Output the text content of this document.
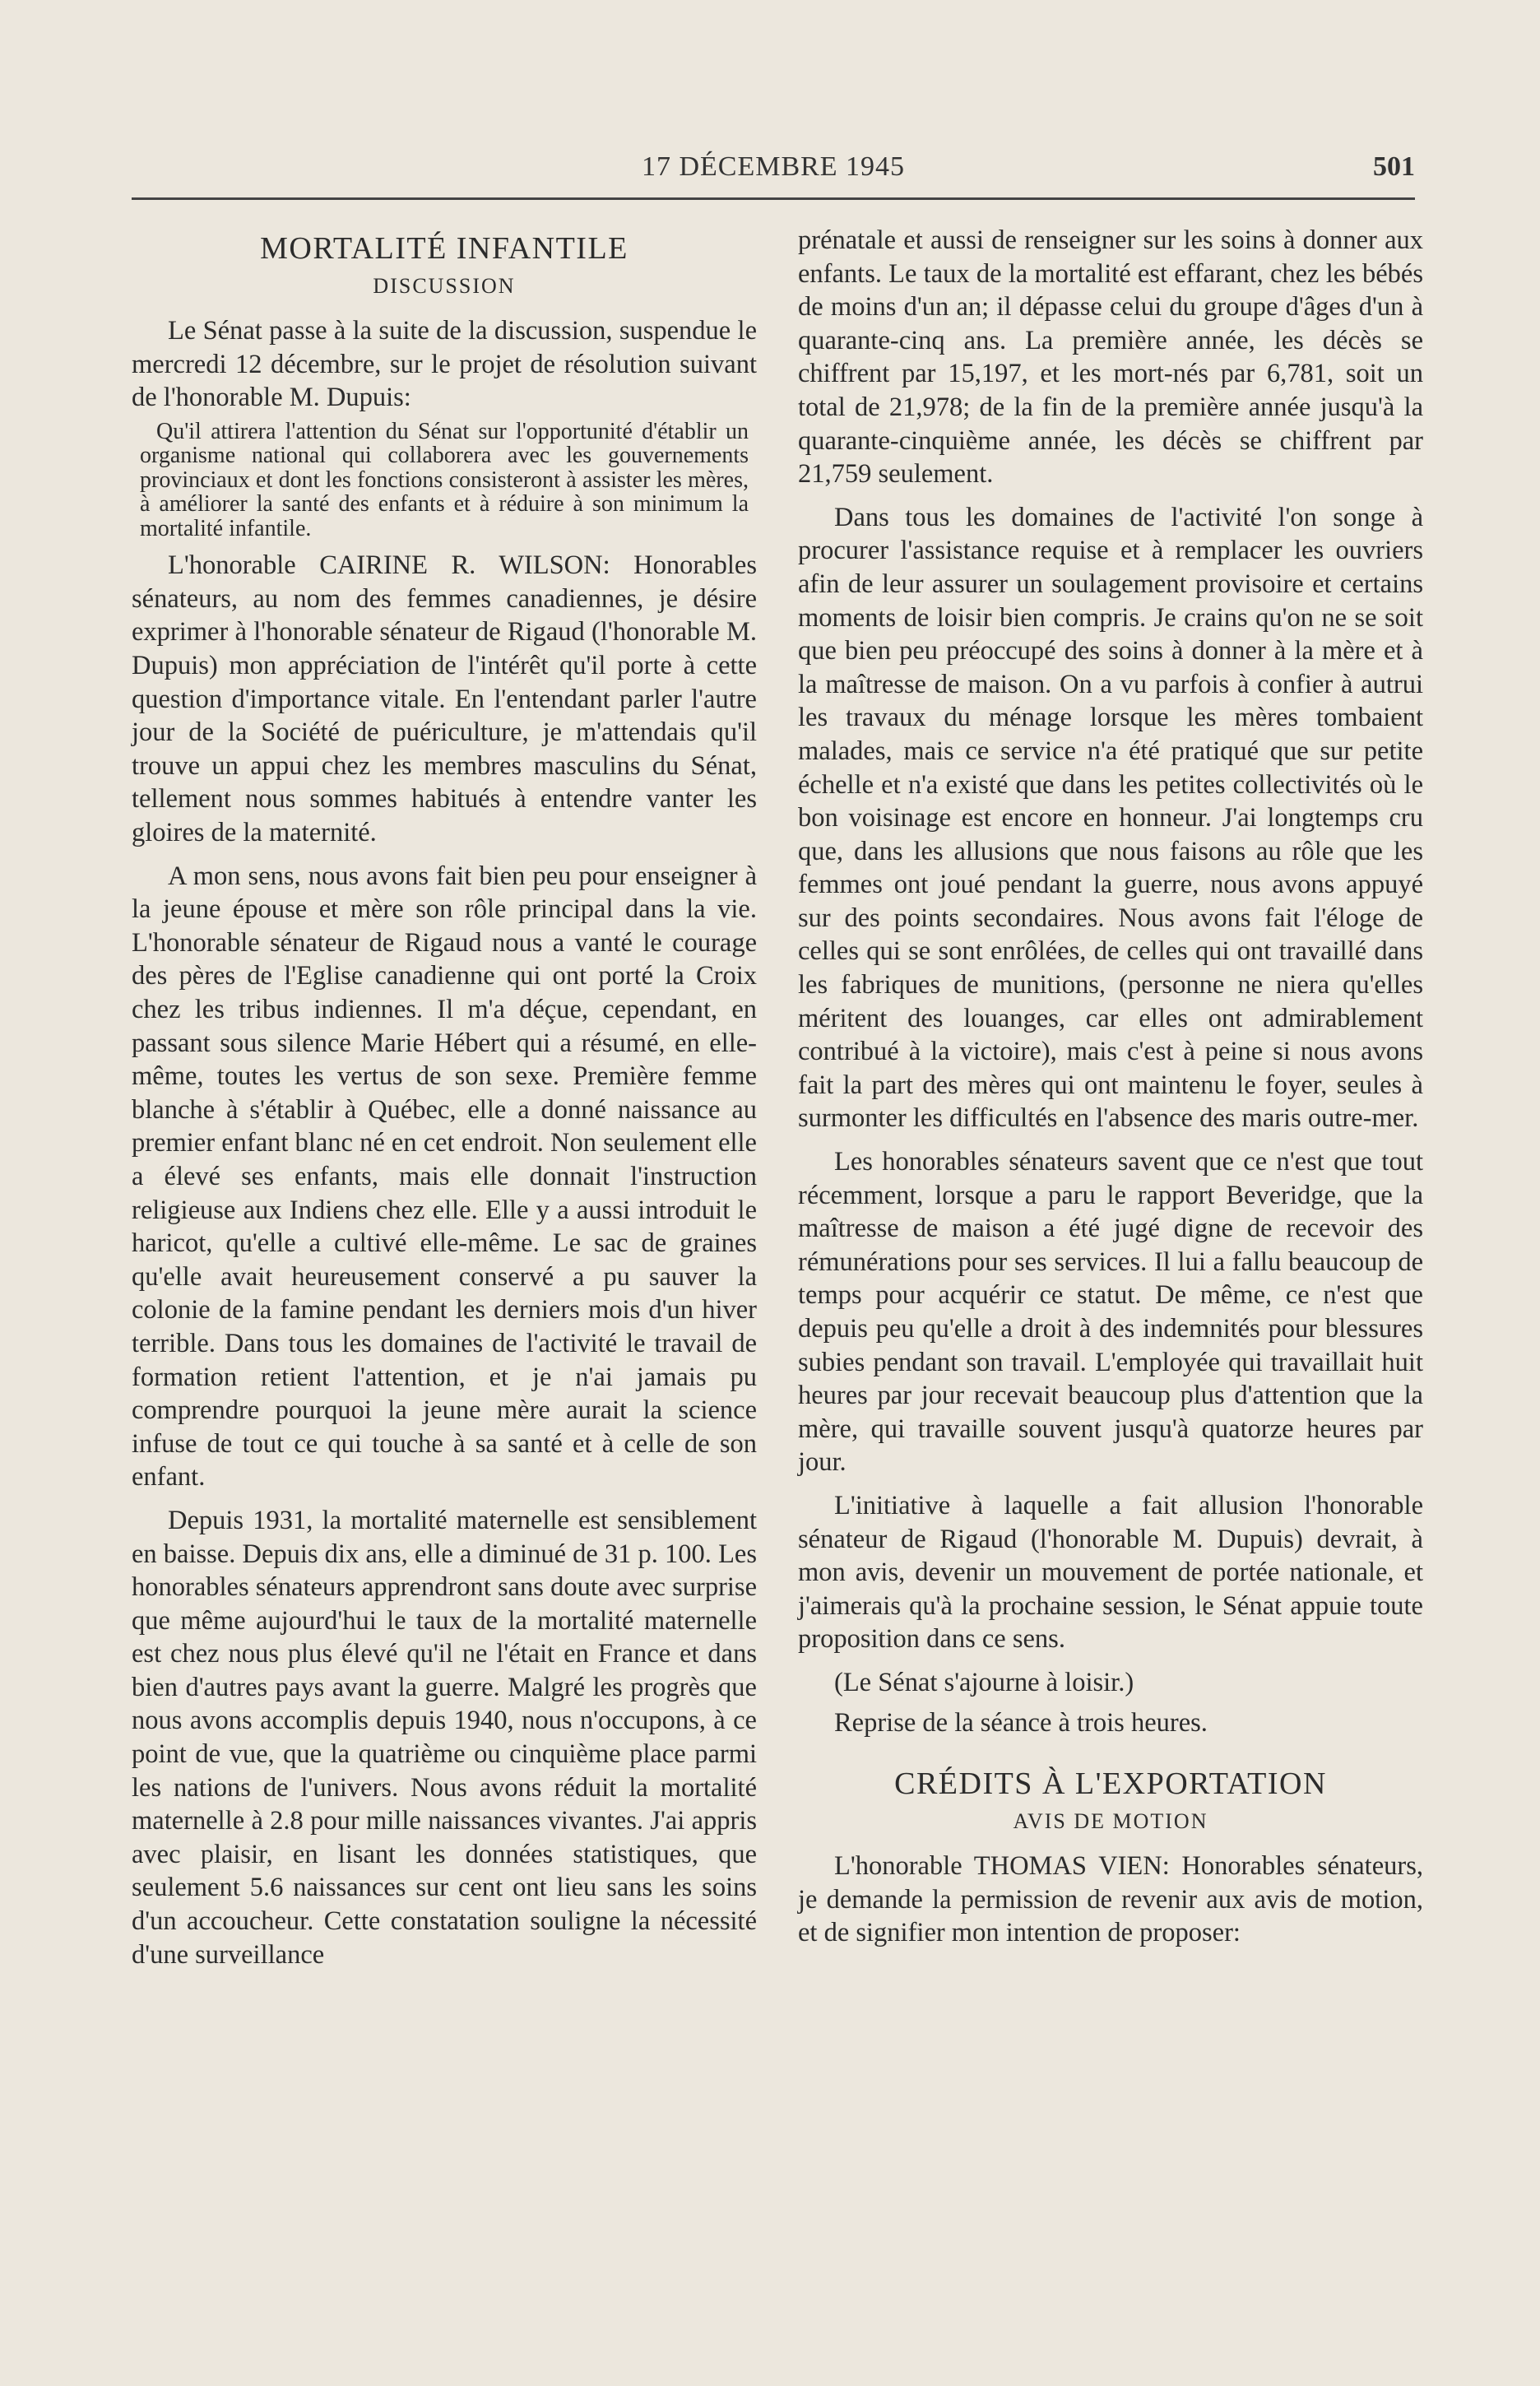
17 DÉCEMBRE 1945	501
MORTALITÉ INFANTILE
DISCUSSION

Le Sénat passe à la suite de la discussion, suspendue le mercredi 12 décembre, sur le projet de résolution suivant de l'honorable M. Dupuis:

Qu'il attirera l'attention du Sénat sur l'opportunité d'établir un organisme national qui collaborera avec les gouvernements provinciaux et dont les fonctions consisteront à assister les mères, à améliorer la santé des enfants et à réduire à son minimum la mortalité infantile.

L'honorable CAIRINE R. WILSON: Honorables sénateurs, au nom des femmes canadiennes, je désire exprimer à l'honorable sénateur de Rigaud (l'honorable M. Dupuis) mon appréciation de l'intérêt qu'il porte à cette question d'importance vitale. En l'entendant parler l'autre jour de la Société de puériculture, je m'attendais qu'il trouve un appui chez les membres masculins du Sénat, tellement nous sommes habitués à entendre vanter les gloires de la maternité.

A mon sens, nous avons fait bien peu pour enseigner à la jeune épouse et mère son rôle principal dans la vie. L'honorable sénateur de Rigaud nous a vanté le courage des pères de l'Eglise canadienne qui ont porté la Croix chez les tribus indiennes. Il m'a déçue, cependant, en passant sous silence Marie Hébert qui a résumé, en elle-même, toutes les vertus de son sexe. Première femme blanche à s'établir à Québec, elle a donné naissance au premier enfant blanc né en cet endroit. Non seulement elle a élevé ses enfants, mais elle donnait l'instruction religieuse aux Indiens chez elle. Elle y a aussi introduit le haricot, qu'elle a cultivé elle-même. Le sac de graines qu'elle avait heureusement conservé a pu sauver la colonie de la famine pendant les derniers mois d'un hiver terrible. Dans tous les domaines de l'activité le travail de formation retient l'attention, et je n'ai jamais pu comprendre pourquoi la jeune mère aurait la science infuse de tout ce qui touche à sa santé et à celle de son enfant.

Depuis 1931, la mortalité maternelle est sensiblement en baisse. Depuis dix ans, elle a diminué de 31 p. 100. Les honorables sénateurs apprendront sans doute avec surprise que même aujourd'hui le taux de la mortalité maternelle est chez nous plus élevé qu'il ne l'était en France et dans bien d'autres pays avant la guerre. Malgré les progrès que nous avons accomplis depuis 1940, nous n'occupons, à ce point de vue, que la quatrième ou cinquième place parmi les nations de l'univers. Nous avons réduit la mortalité maternelle à 2.8 pour mille naissances vivantes. J'ai appris avec plaisir, en lisant les données statistiques, que seulement 5.6 naissances sur cent ont lieu sans les soins d'un accoucheur. Cette constatation souligne la nécessité d'une surveillance

prénatale et aussi de renseigner sur les soins à donner aux enfants. Le taux de la mortalité est effarant, chez les bébés de moins d'un an; il dépasse celui du groupe d'âges d'un à quarante-cinq ans. La première année, les décès se chiffrent par 15,197, et les mort-nés par 6,781, soit un total de 21,978; de la fin de la première année jusqu'à la quarante-cinquième année, les décès se chiffrent par 21,759 seulement.

Dans tous les domaines de l'activité l'on songe à procurer l'assistance requise et à remplacer les ouvriers afin de leur assurer un soulagement provisoire et certains moments de loisir bien compris. Je crains qu'on ne se soit que bien peu préoccupé des soins à donner à la mère et à la maîtresse de maison. On a vu parfois à confier à autrui les travaux du ménage lorsque les mères tombaient malades, mais ce service n'a été pratiqué que sur petite échelle et n'a existé que dans les petites collectivités où le bon voisinage est encore en honneur. J'ai longtemps cru que, dans les allusions que nous faisons au rôle que les femmes ont joué pendant la guerre, nous avons appuyé sur des points secondaires. Nous avons fait l'éloge de celles qui se sont enrôlées, de celles qui ont travaillé dans les fabriques de munitions, (personne ne niera qu'elles méritent des louanges, car elles ont admirablement contribué à la victoire), mais c'est à peine si nous avons fait la part des mères qui ont maintenu le foyer, seules à surmonter les difficultés en l'absence des maris outre-mer.

Les honorables sénateurs savent que ce n'est que tout récemment, lorsque a paru le rapport Beveridge, que la maîtresse de maison a été jugé digne de recevoir des rémunérations pour ses services. Il lui a fallu beaucoup de temps pour acquérir ce statut. De même, ce n'est que depuis peu qu'elle a droit à des indemnités pour blessures subies pendant son travail. L'employée qui travaillait huit heures par jour recevait beaucoup plus d'attention que la mère, qui travaille souvent jusqu'à quatorze heures par jour.

L'initiative à laquelle a fait allusion l'honorable sénateur de Rigaud (l'honorable M. Dupuis) devrait, à mon avis, devenir un mouvement de portée nationale, et j'aimerais qu'à la prochaine session, le Sénat appuie toute proposition dans ce sens.

(Le Sénat s'ajourne à loisir.)

Reprise de la séance à trois heures.

CRÉDITS À L'EXPORTATION
AVIS DE MOTION

L'honorable THOMAS VIEN: Honorables sénateurs, je demande la permission de revenir aux avis de motion, et de signifier mon intention de proposer:
